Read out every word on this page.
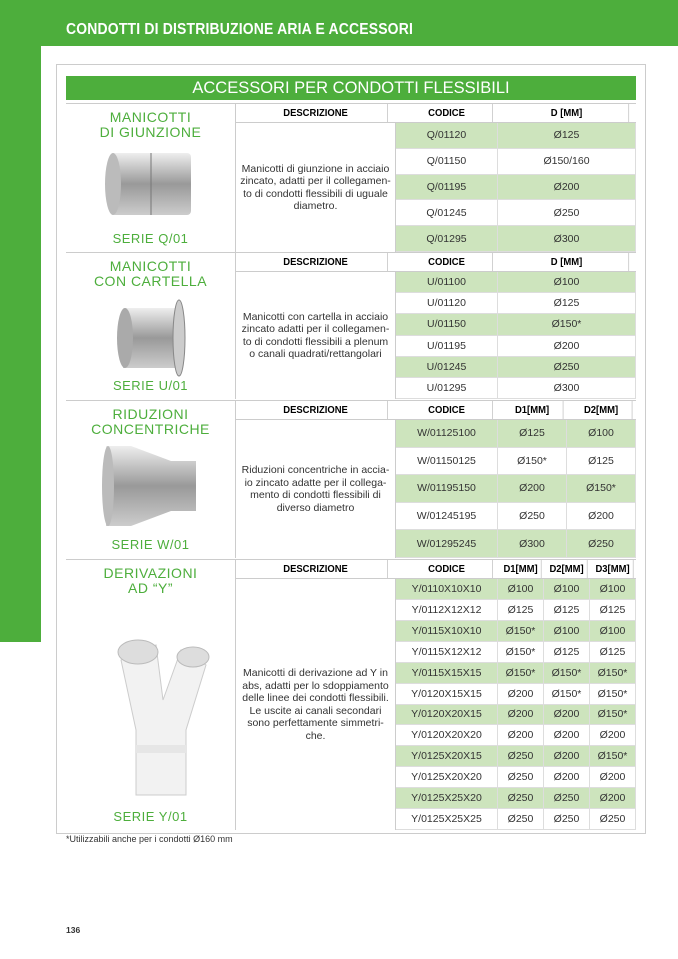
CONDOTTI DI DISTRIBUZIONE ARIA E ACCESSORI
ACCESSORI PER CONDOTTI FLESSIBILI
MANICOTTI
DI GIUNZIONE
SERIE Q/01
DESCRIZIONE	CODICE	D [MM]
Manicotti di giunzione in acciaio zincato, adatti per il collegamen-to di condotti flessibili di uguale diametro.
Q/01120	Ø125
Q/01150	Ø150/160
Q/01195	Ø200
Q/01245	Ø250
Q/01295	Ø300
MANICOTTI
CON CARTELLA
SERIE U/01
DESCRIZIONE	CODICE	D [MM]
Manicotti con cartella in acciaio zincato adatti per il collegamen-to di condotti flessibili a plenum o canali quadrati/rettangolari
U/01100	Ø100
U/01120	Ø125
U/01150	Ø150*
U/01195	Ø200
U/01245	Ø250
U/01295	Ø300
RIDUZIONI
CONCENTRICHE
SERIE W/01
DESCRIZIONE	CODICE	D1[MM]	D2[MM]
Riduzioni concentriche in accia-io zincato adatte per il collega-mento di condotti flessibili di diverso diametro
W/01125100	Ø125	Ø100
W/01150125	Ø150*	Ø125
W/01195150	Ø200	Ø150*
W/01245195	Ø250	Ø200
W/01295245	Ø300	Ø250
DERIVAZIONI
AD “Y”
SERIE Y/01
DESCRIZIONE	CODICE	D1[MM]	D2[MM]	D3[MM]
Manicotti di derivazione ad Y in abs, adatti per lo sdoppiamento delle linee dei condotti flessibili. Le uscite ai canali secondari sono perfettamente simmetri-che.
Y/0110X10X10	Ø100	Ø100	Ø100
Y/0112X12X12	Ø125	Ø125	Ø125
Y/0115X10X10	Ø150*	Ø100	Ø100
Y/0115X12X12	Ø150*	Ø125	Ø125
Y/0115X15X15	Ø150*	Ø150*	Ø150*
Y/0120X15X15	Ø200	Ø150*	Ø150*
Y/0120X20X15	Ø200	Ø200	Ø150*
Y/0120X20X20	Ø200	Ø200	Ø200
Y/0125X20X15	Ø250	Ø200	Ø150*
Y/0125X20X20	Ø250	Ø200	Ø200
Y/0125X25X20	Ø250	Ø250	Ø200
Y/0125X25X25	Ø250	Ø250	Ø250
*Utilizzabili anche per i condotti Ø160 mm
136
